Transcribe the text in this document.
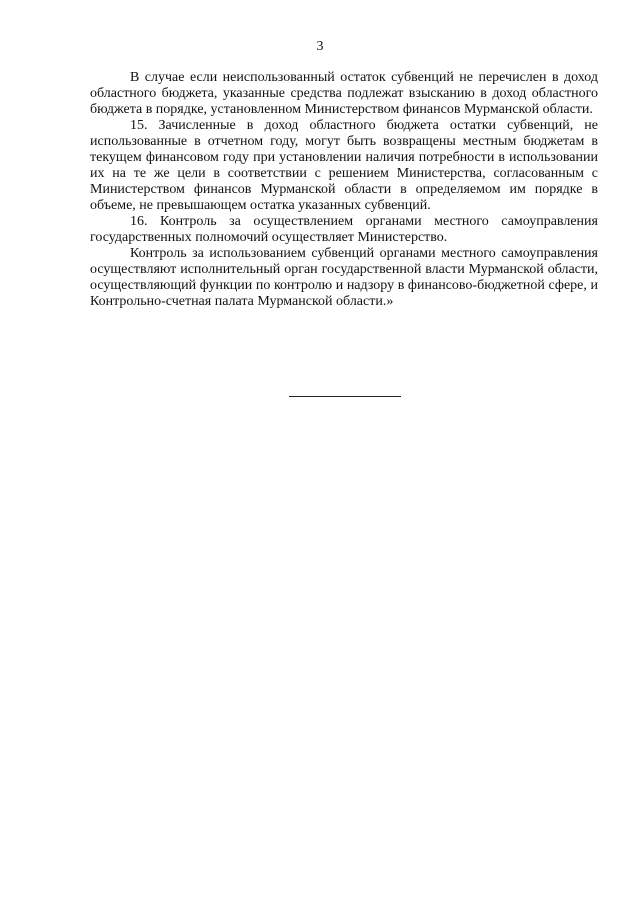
3

В случае если неиспользованный остаток субвенций не перечислен в доход областного бюджета, указанные средства подлежат взысканию в доход областного бюджета в порядке, установленном Министерством финансов Мурманской области.

15. Зачисленные в доход областного бюджета остатки субвенций, не использованные в отчетном году, могут быть возвращены местным бюджетам в текущем финансовом году при установлении наличия потребности в использовании их на те же цели в соответствии с решением Министерства, согласованным с Министерством финансов Мурманской области в определяемом им порядке в объеме, не превышающем остатка указанных субвенций.

16. Контроль за осуществлением органами местного самоуправления государственных полномочий осуществляет Министерство.

Контроль за использованием субвенций органами местного самоуправления осуществляют исполнительный орган государственной власти Мурманской области, осуществляющий функции по контролю и надзору в финансово-бюджетной сфере, и Контрольно-счетная палата Мурманской области.»
